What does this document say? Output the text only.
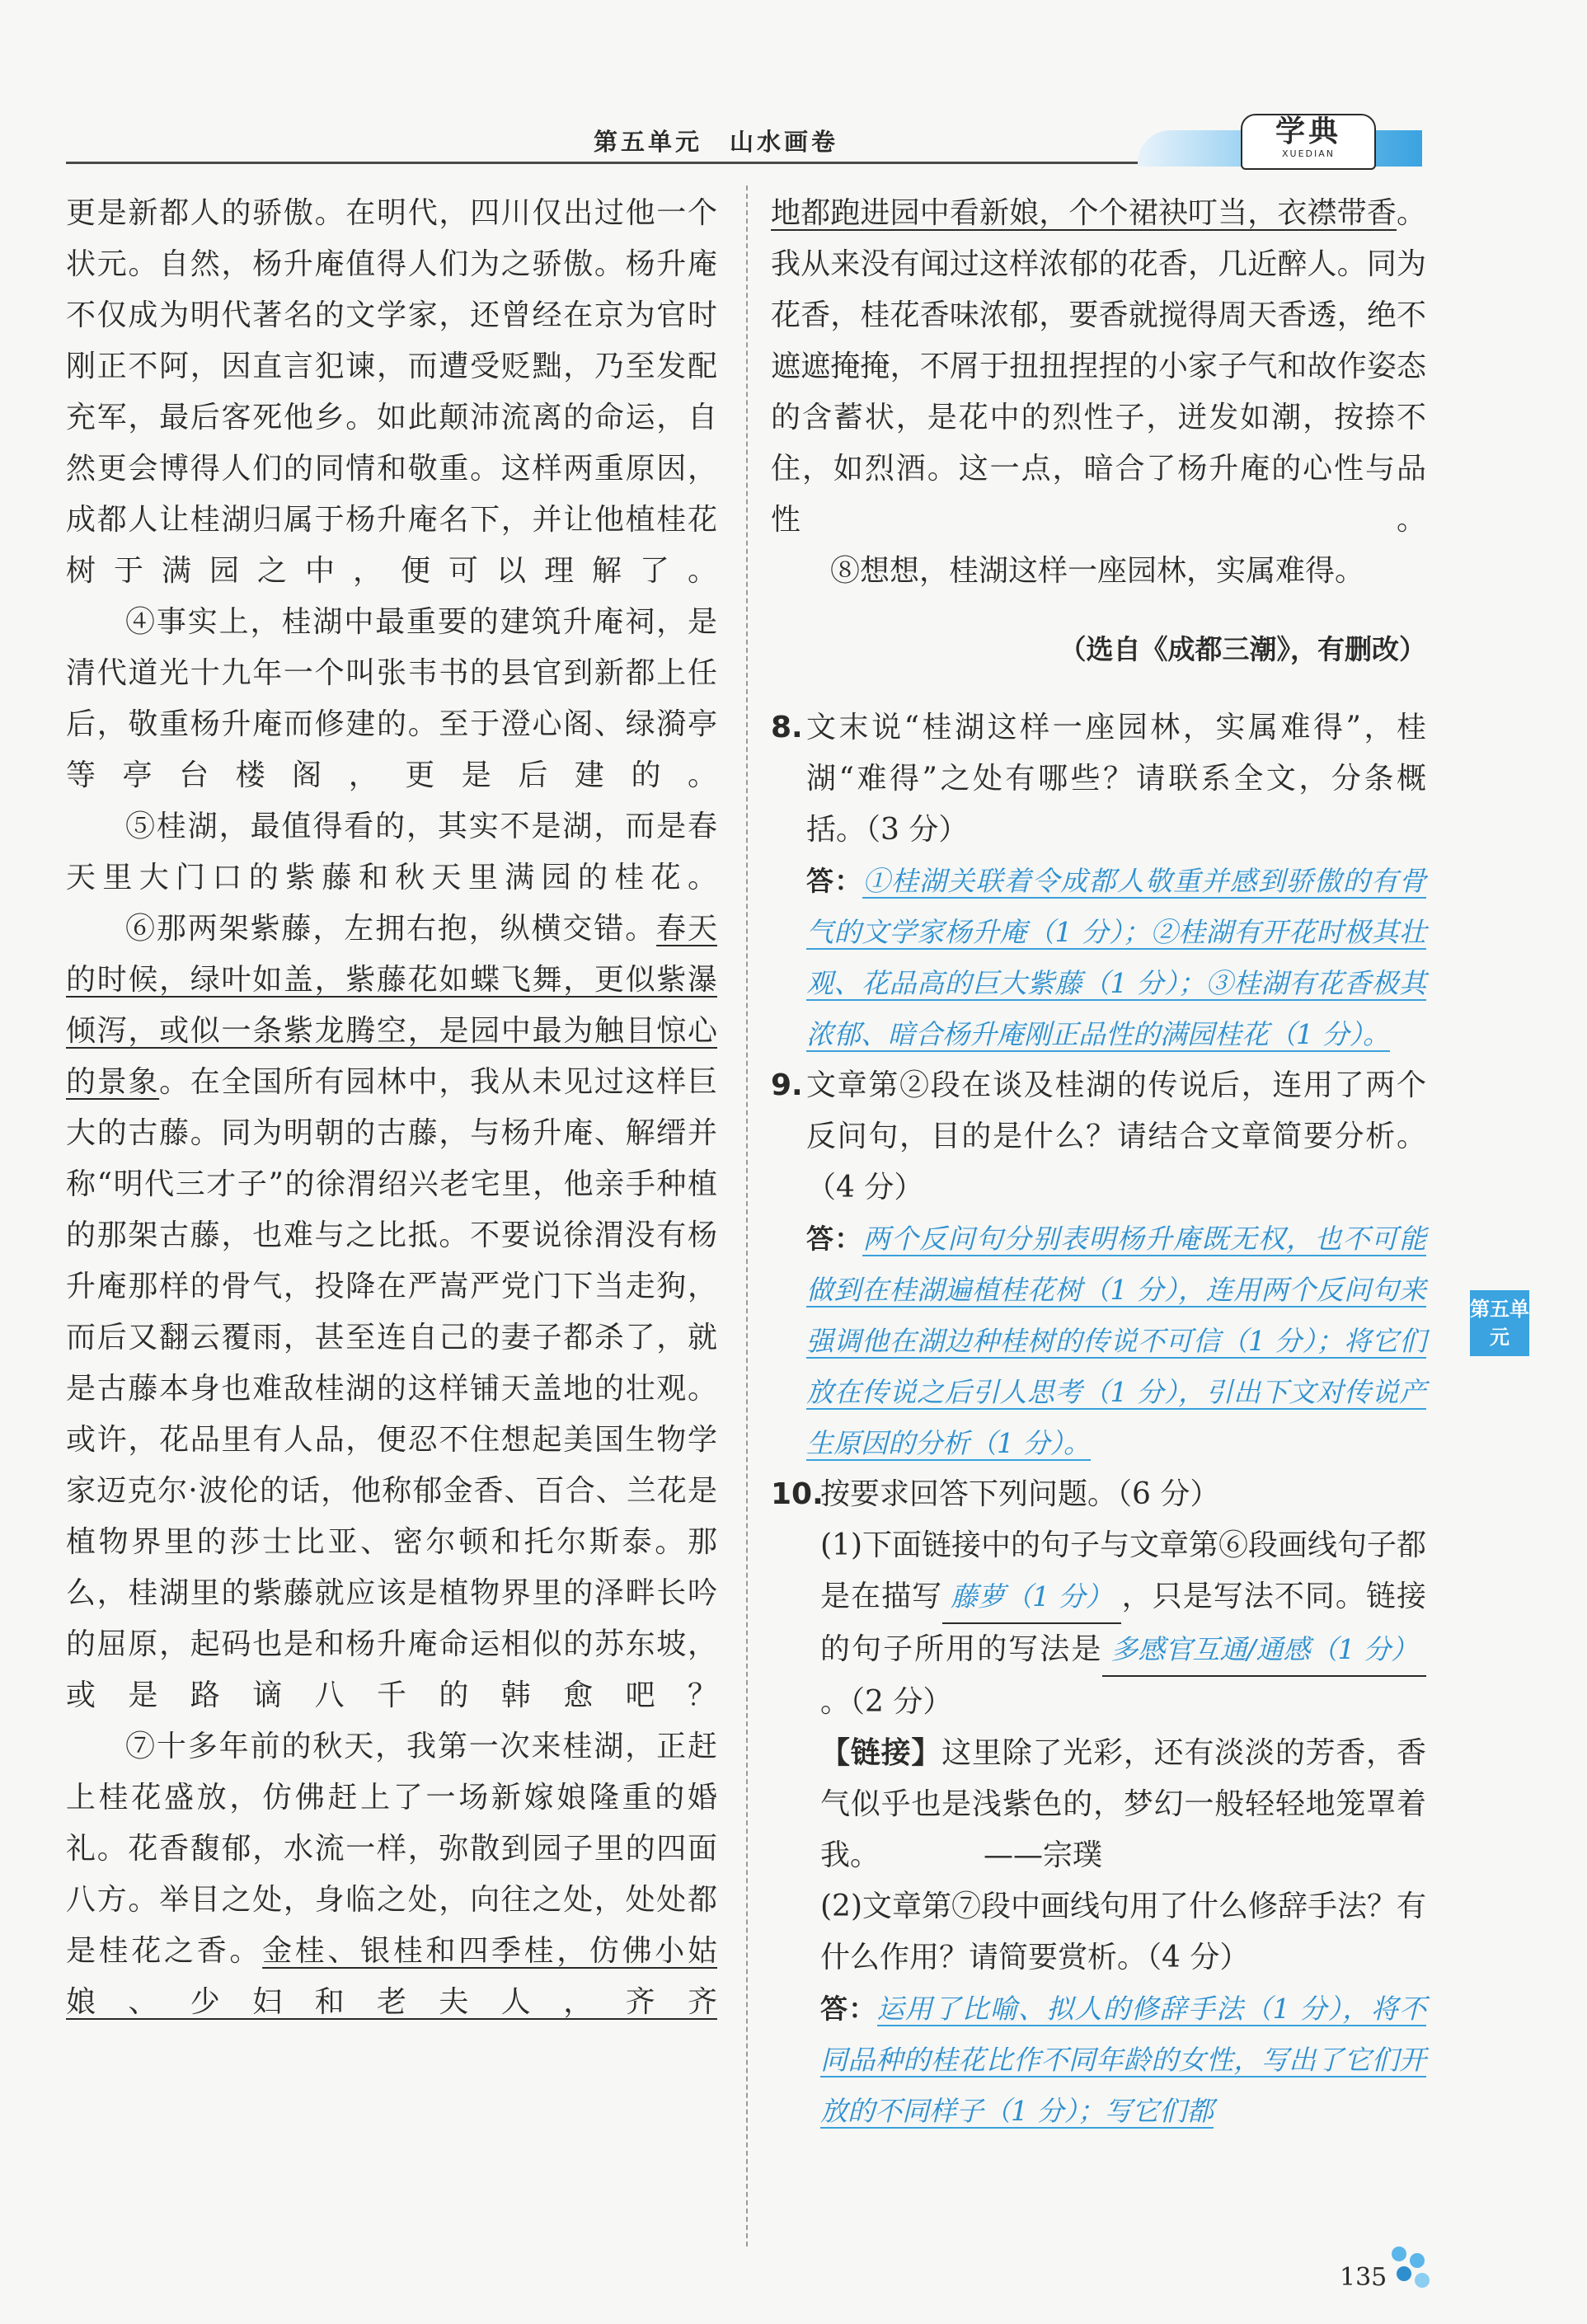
第五单元　山水画卷	学典
XUEDIAN

更是新都人的骄傲。在明代，四川仅出过他一个状元。自然，杨升庵值得人们为之骄傲。杨升庵不仅成为明代著名的文学家，还曾经在京为官时刚正不阿，因直言犯谏，而遭受贬黜，乃至发配充军，最后客死他乡。如此颠沛流离的命运，自然更会博得人们的同情和敬重。这样两重原因，成都人让桂湖归属于杨升庵名下，并让他植桂花树于满园之中，便可以理解了。

④事实上，桂湖中最重要的建筑升庵祠，是清代道光十九年一个叫张韦书的县官到新都上任后，敬重杨升庵而修建的。至于澄心阁、绿漪亭等亭台楼阁，更是后建的。

⑤桂湖，最值得看的，其实不是湖，而是春天里大门口的紫藤和秋天里满园的桂花。

⑥那两架紫藤，左拥右抱，纵横交错。春天的时候，绿叶如盖，紫藤花如蝶飞舞，更似紫瀑倾泻，或似一条紫龙腾空，是园中最为触目惊心的景象。在全国所有园林中，我从未见过这样巨大的古藤。同为明朝的古藤，与杨升庵、解缙并称“明代三才子”的徐渭绍兴老宅里，他亲手种植的那架古藤，也难与之比抵。不要说徐渭没有杨升庵那样的骨气，投降在严嵩严党门下当走狗，而后又翻云覆雨，甚至连自己的妻子都杀了，就是古藤本身也难敌桂湖的这样铺天盖地的壮观。或许，花品里有人品，便忍不住想起美国生物学家迈克尔·波伦的话，他称郁金香、百合、兰花是植物界里的莎士比亚、密尔顿和托尔斯泰。那么，桂湖里的紫藤就应该是植物界里的泽畔长吟的屈原，起码也是和杨升庵命运相似的苏东坡，或是路谪八千的韩愈吧？

⑦十多年前的秋天，我第一次来桂湖，正赶上桂花盛放，仿佛赶上了一场新嫁娘隆重的婚礼。花香馥郁，水流一样，弥散到园子里的四面八方。举目之处，身临之处，向往之处，处处都是桂花之香。金桂、银桂和四季桂，仿佛小姑娘、少妇和老夫人，齐齐

地都跑进园中看新娘，个个裙袂叮当，衣襟带香。我从来没有闻过这样浓郁的花香，几近醉人。同为花香，桂花香味浓郁，要香就搅得周天香透，绝不遮遮掩掩，不屑于扭扭捏捏的小家子气和故作姿态的含蓄状，是花中的烈性子，迸发如潮，按捺不住，如烈酒。这一点，暗合了杨升庵的心性与品性。

⑧想想，桂湖这样一座园林，实属难得。

（选自《成都三潮》，有删改）

8. 文末说“桂湖这样一座园林，实属难得”，桂湖“难得”之处有哪些？请联系全文，分条概括。（3 分）

答：①桂湖关联着令成都人敬重并感到骄傲的有骨气的文学家杨升庵（1 分）；②桂湖有开花时极其壮观、花品高的巨大紫藤（1 分）；③桂湖有花香极其浓郁、暗合杨升庵刚正品性的满园桂花（1 分）。

9. 文章第②段在谈及桂湖的传说后，连用了两个反问句，目的是什么？请结合文章简要分析。（4 分）

答：两个反问句分别表明杨升庵既无权，也不可能做到在桂湖遍植桂花树（1 分），连用两个反问句来强调他在湖边种桂树的传说不可信（1 分）；将它们放在传说之后引人思考（1 分），引出下文对传说产生原因的分析（1 分）。

10.

按要求回答下列问题。（6 分）

(1)下面链接中的句子与文章第⑥段画线句子都是在描写 藤萝（1 分） ，只是写法不同。链接的句子所用的写法是 多感官互通/通感（1 分）。（2 分）

【链接】这里除了光彩，还有淡淡的芳香，香气似乎也是浅紫色的，梦幻一般轻轻地笼罩着我。　　　　	——宗璞

(2)文章第⑦段中画线句用了什么修辞手法？有什么作用？请简要赏析。（4 分）

答：运用了比喻、拟人的修辞手法（1 分），将不同品种的桂花比作不同年龄的女性，写出了它们开放的不同样子（1 分）；写它们都

第五单元
135
